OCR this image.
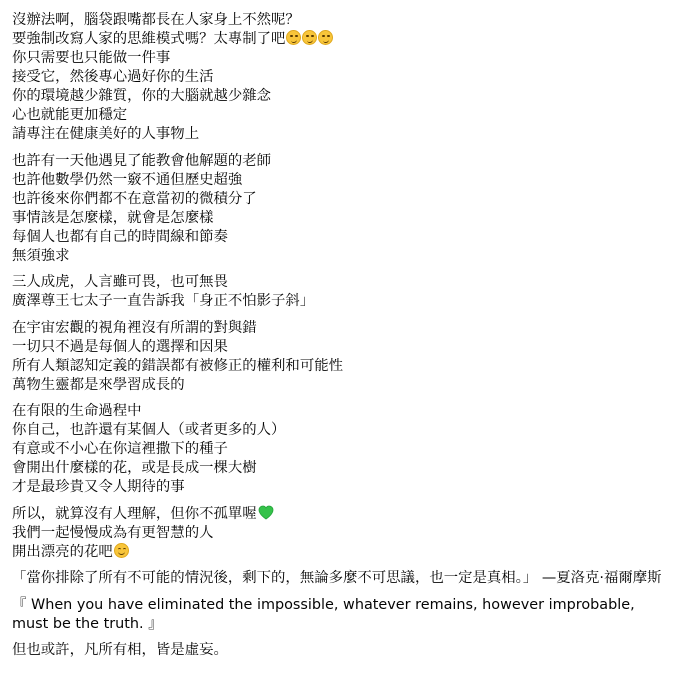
沒辦法啊，腦袋跟嘴都長在人家身上不然呢？
要強制改寫人家的思維模式嗎？太專制了吧
你只需要也只能做一件事
接受它，然後專心過好你的生活
你的環境越少雜質，你的大腦就越少雜念
心也就能更加穩定
請專注在健康美好的人事物上
也許有一天他遇見了能教會他解題的老師
也許他數學仍然一竅不通但歷史超強
也許後來你們都不在意當初的微積分了
事情該是怎麼樣，就會是怎麼樣
每個人也都有自己的時間線和節奏
無須強求
三人成虎，人言雖可畏，也可無畏
廣澤尊王七太子一直告訴我「身正不怕影子斜」
在宇宙宏觀的視角裡沒有所謂的對與錯
一切只不過是每個人的選擇和因果
所有人類認知定義的錯誤都有被修正的權利和可能性
萬物生靈都是來學習成長的
在有限的生命過程中
你自己，也許還有某個人（或者更多的人）
有意或不小心在你這裡撒下的種子
會開出什麼樣的花，或是長成一棵大樹
才是最珍貴又令人期待的事
所以，就算沒有人理解，但你不孤單喔
我們一起慢慢成為有更智慧的人
開出漂亮的花吧
「當你排除了所有不可能的情況後，剩下的，無論多麼不可思議，也一定是真相。」 —夏洛克·福爾摩斯
『 When you have eliminated the impossible, whatever remains, however improbable, must be the truth. 』
但也或許，凡所有相，皆是虛妄。
